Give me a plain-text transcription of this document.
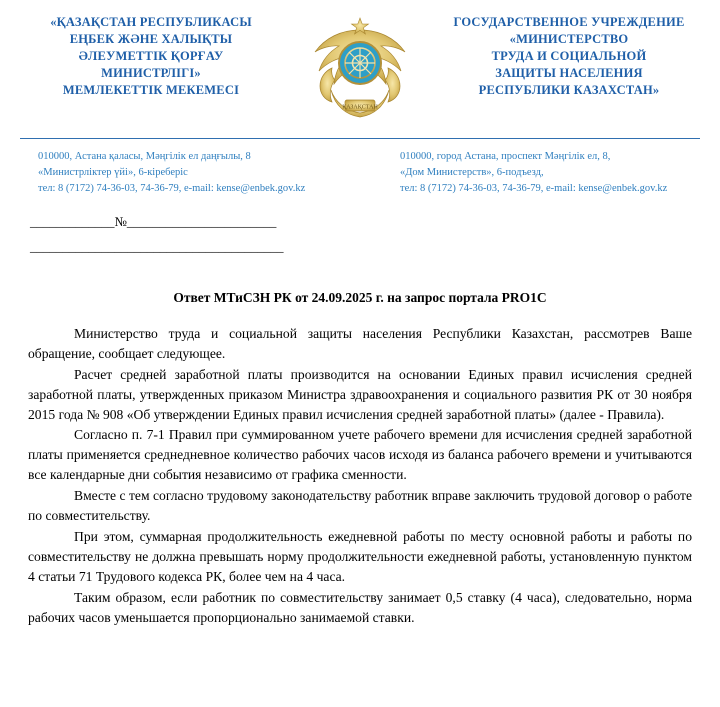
«ҚАЗАҚСТАН РЕСПУБЛИКАСЫ
ЕҢБЕК ЖӘНЕ ХАЛЫҚТЫ
ӘЛЕУМЕТТІК ҚОРҒАУ
МИНИСТРЛІГІ»
МЕМЛЕКЕТТІК МЕКЕМЕСІ
ҚАЗАҚСТАН
ГОСУДАРСТВЕННОЕ УЧРЕЖДЕНИЕ
«МИНИСТЕРСТВО
ТРУДА И СОЦИАЛЬНОЙ
ЗАЩИТЫ НАСЕЛЕНИЯ
РЕСПУБЛИКИ КАЗАХСТАН»
010000, Астана қаласы, Мәңгілік ел даңғылы, 8
«Министрліктер үйі», 6-кіреберіс
тел: 8 (7172) 74-36-03, 74-36-79, e-mail: kense@enbek.gov.kz
010000, город Астана, проспект Мәңгілік ел, 8,
«Дом Министерств», 6-подъезд,
тел: 8 (7172) 74-36-03, 74-36-79, e-mail: kense@enbek.gov.kz
_____________№_______________________
_______________________________________
Ответ МТиСЗН РК от 24.09.2025 г. на запрос портала PRO1C

Министерство труда и социальной защиты населения Республики Казахстан, рассмотрев Ваше обращение, сообщает следующее.

Расчет средней заработной платы производится на основании Единых правил исчисления средней заработной платы, утвержденных приказом Министра здравоохранения и социального развития РК от 30 ноября 2015 года № 908 «Об утверждении Единых правил исчисления средней заработной платы» (далее - Правила).

Согласно п. 7-1 Правил при суммированном учете рабочего времени для исчисления средней заработной платы применяется среднедневное количество рабочих часов исходя из баланса рабочего времени и учитываются все календарные дни события независимо от графика сменности.

Вместе с тем согласно трудовому законодательству работник вправе заключить трудовой договор о работе по совместительству.

При этом, суммарная продолжительность ежедневной работы по месту основной работы и работы по совместительству не должна превышать норму продолжительности ежедневной работы, установленную пунктом 4 статьи 71 Трудового кодекса РК, более чем на 4 часа.

Таким образом, если работник по совместительству занимает 0,5 ставку (4 часа), следовательно, норма рабочих часов уменьшается пропорционально занимаемой ставки.
